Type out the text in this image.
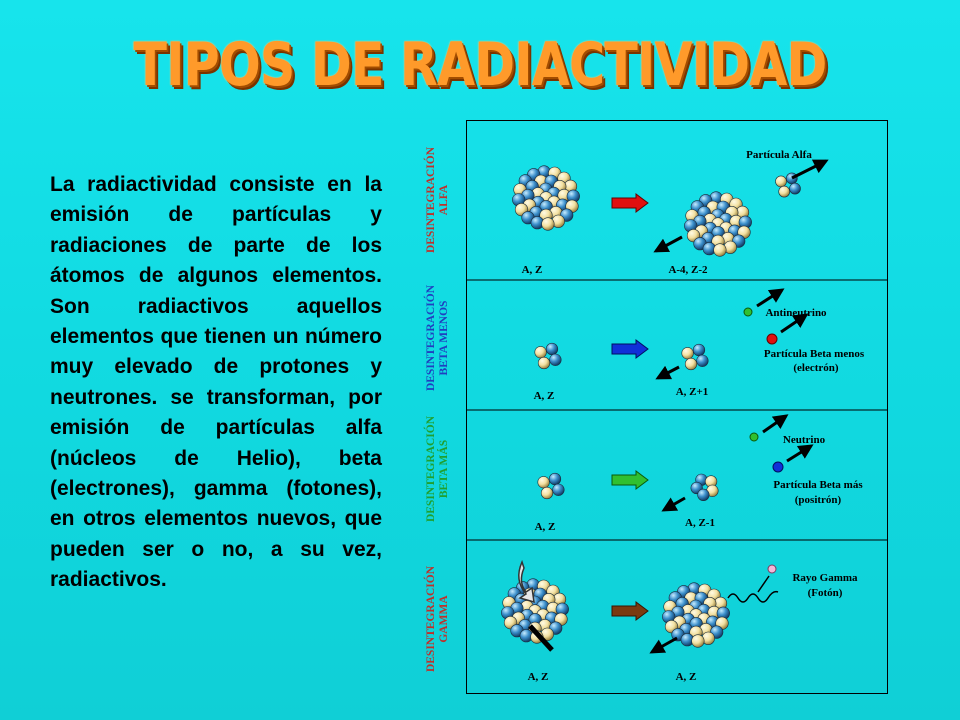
TIPOS DE RADIACTIVIDAD
La radiactividad consiste en la emisión de partículas y radiaciones de parte de los átomos de algunos elementos. Son radiactivos aquellos elementos que tienen un número muy elevado de protones y neutrones. se transforman, por emisión de partículas alfa (núcleos de Helio), beta (electrones), gamma (fotones), en otros elementos nuevos, que pueden ser o no, a su vez, radiactivos.
DESINTEGRACIÓN ALFA
DESINTEGRACIÓN BETA MENOS
DESINTEGRACIÓN BETA MÁS
DESINTEGRACIÓN GAMMA
A, Z	A-4, Z-2
Partícula Alfa
A, Z	A, Z+1
Antineutrino
Partícula Beta menos
(electrón)
A, Z	A, Z-1
Neutrino
Partícula Beta más
(positrón)
A, Z	A, Z
Rayo Gamma
(Fotón)
